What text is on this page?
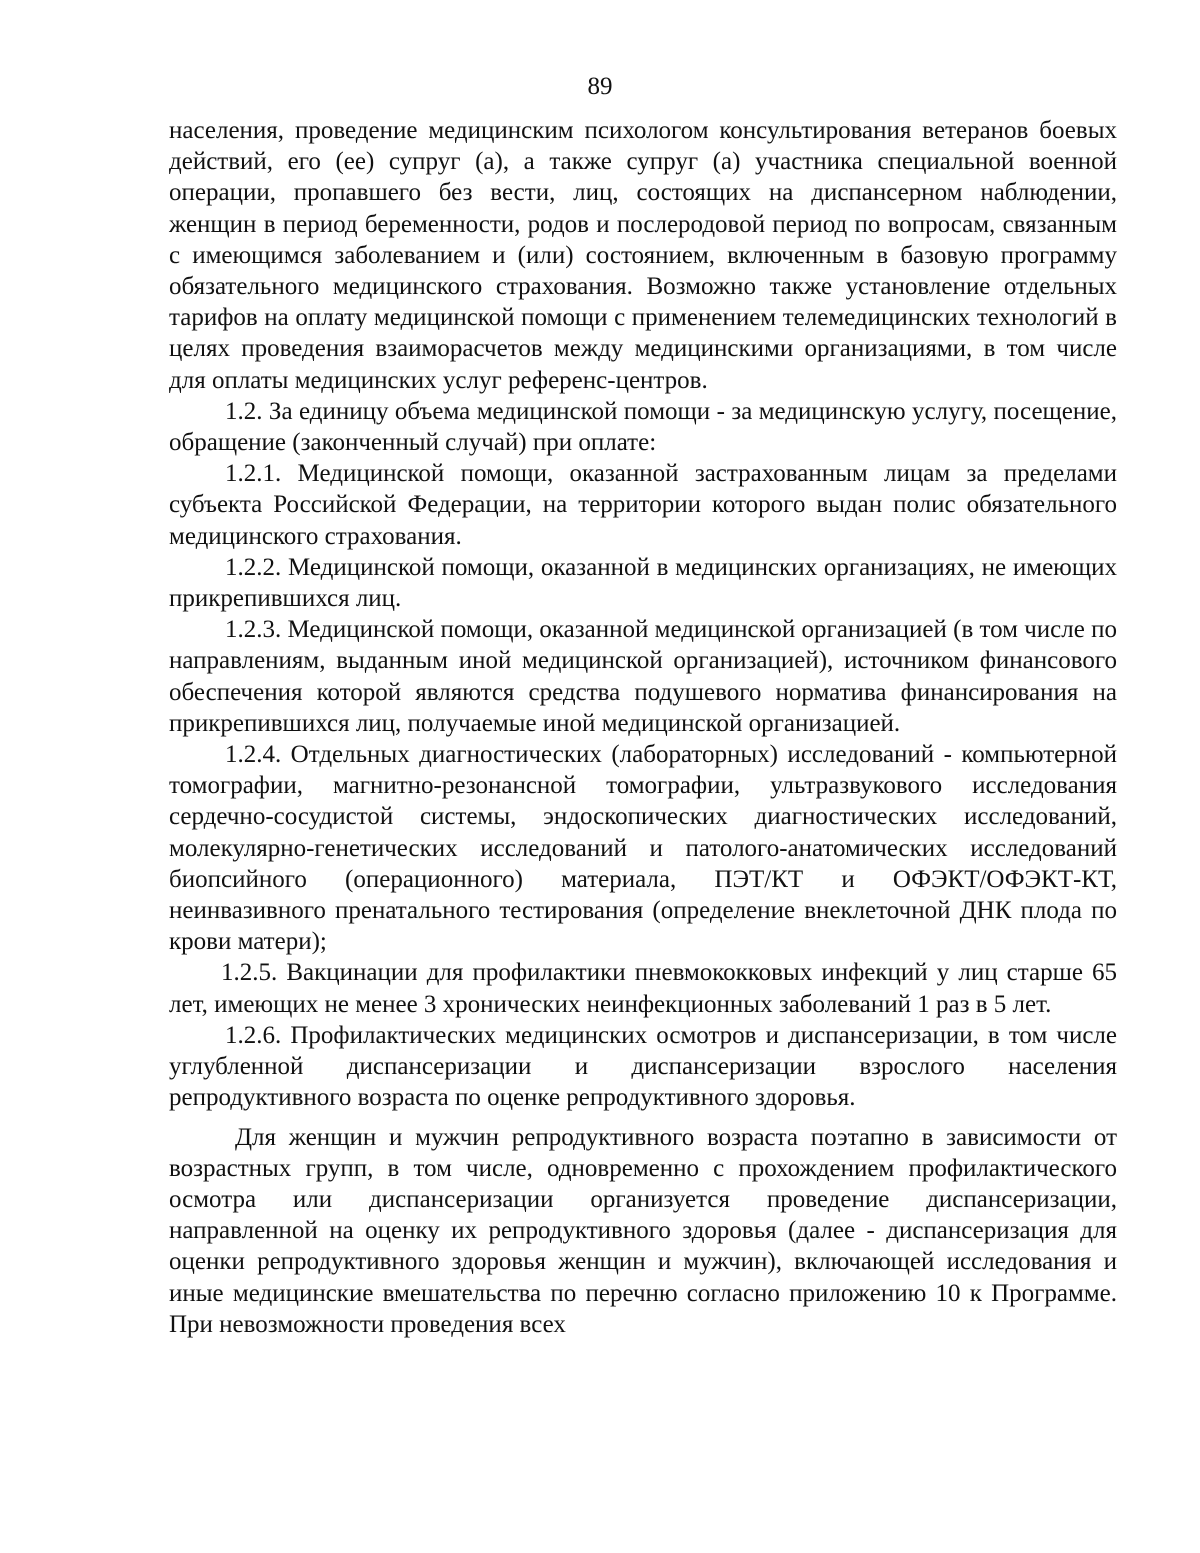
89

населения, проведение медицинским психологом консультирования ветеранов боевых действий, его (ее) супруг (а), а также супруг (а) участника специальной военной операции, пропавшего без вести, лиц, состоящих на диспансерном наблюдении, женщин в период беременности, родов и послеродовой период по вопросам, связанным с имеющимся заболеванием и (или) состоянием, включенным в базовую программу обязательного медицинского страхования. Возможно также установление отдельных тарифов на оплату медицинской помощи с применением телемедицинских технологий в целях проведения взаиморасчетов между медицинскими организациями, в том числе для оплаты медицинских услуг референс-центров.

1.2. За единицу объема медицинской помощи - за медицинскую услугу, посещение, обращение (законченный случай) при оплате:

1.2.1. Медицинской помощи, оказанной застрахованным лицам за пределами субъекта Российской Федерации, на территории которого выдан полис обязательного медицинского страхования.

1.2.2. Медицинской помощи, оказанной в медицинских организациях, не имеющих прикрепившихся лиц.

1.2.3. Медицинской помощи, оказанной медицинской организацией (в том числе по направлениям, выданным иной медицинской организацией), источником финансового обеспечения которой являются средства подушевого норматива финансирования на прикрепившихся лиц, получаемые иной медицинской организацией.

1.2.4. Отдельных диагностических (лабораторных) исследований - компьютерной томографии, магнитно-резонансной томографии, ультразвукового исследования сердечно-сосудистой системы, эндоскопических диагностических исследований, молекулярно-генетических исследований и патолого-анатомических исследований биопсийного (операционного) материала, ПЭТ/КТ и ОФЭКТ/ОФЭКТ-КТ, неинвазивного пренатального тестирования (определение внеклеточной ДНК плода по крови матери);

1.2.5. Вакцинации для профилактики пневмококковых инфекций у лиц старше 65 лет, имеющих не менее 3 хронических неинфекционных заболеваний 1 раз в 5 лет.

1.2.6. Профилактических медицинских осмотров и диспансеризации, в том числе углубленной диспансеризации и диспансеризации взрослого населения репродуктивного возраста по оценке репродуктивного здоровья.

Для женщин и мужчин репродуктивного возраста поэтапно в зависимости от возрастных групп, в том числе, одновременно с прохождением профилактического осмотра или диспансеризации организуется проведение диспансеризации, направленной на оценку их репродуктивного здоровья (далее - диспансеризация для оценки репродуктивного здоровья женщин и мужчин), включающей исследования и иные медицинские вмешательства по перечню согласно приложению 10 к Программе. При невозможности проведения всех
